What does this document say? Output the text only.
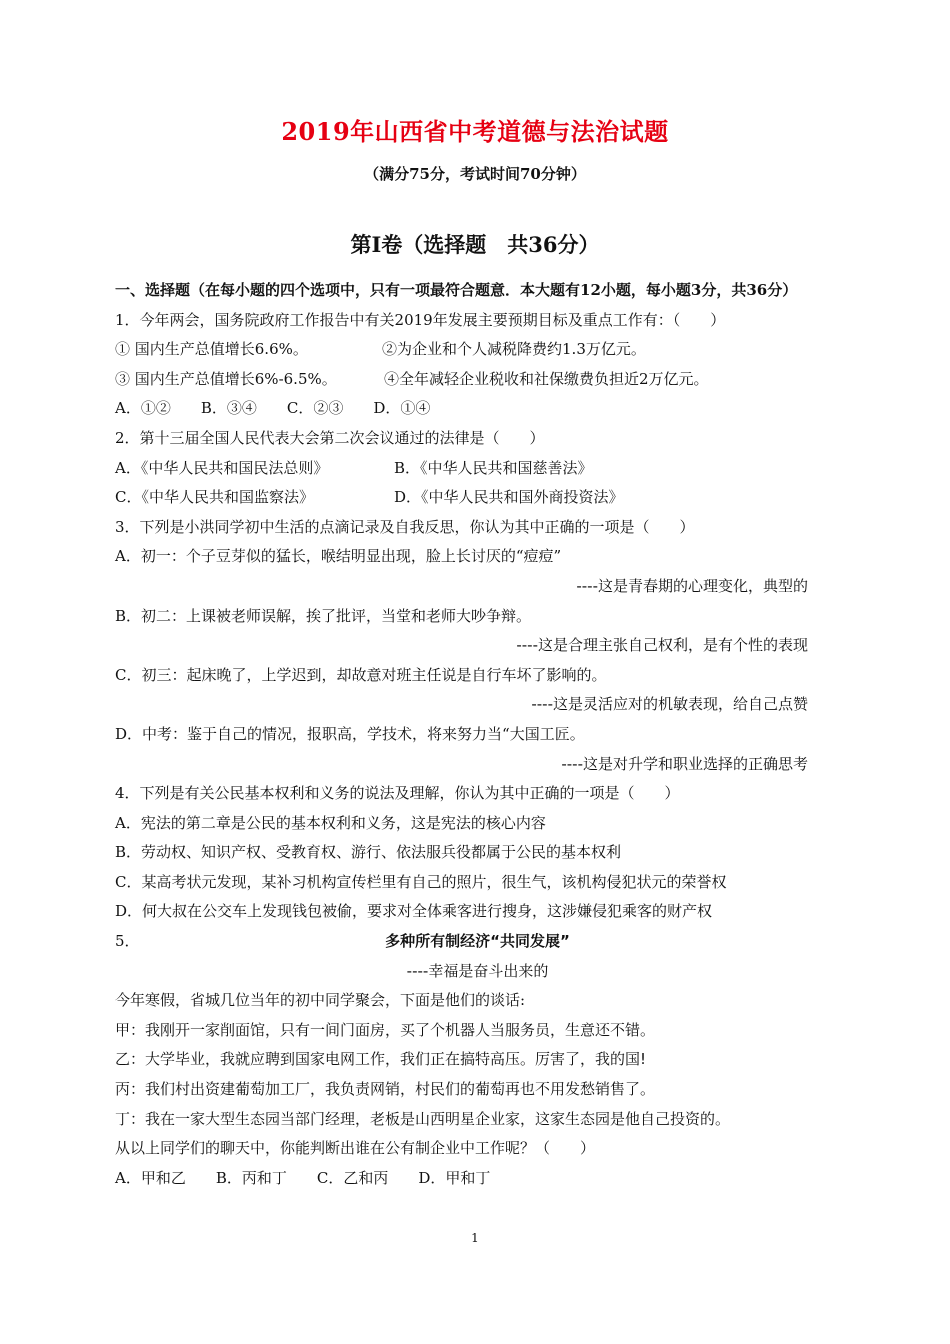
2019年山西省中考道德与法治试题
（满分75分，考试时间70分钟）
第Ⅰ卷（选择题　共36分）
一、选择题（在每小题的四个选项中，只有一项最符合题意．本大题有12小题，每小题3分，共36分）
1．今年两会，国务院政府工作报告中有关2019年发展主要预期目标及重点工作有：（　　）
① 国内生产总值增长6.6%。	②为企业和个人减税降费约1.3万亿元。
③ 国内生产总值增长6%-6.5%。	④全年减轻企业税收和社保缴费负担近2万亿元。
A．①②　　B．③④　　C．②③　　D．①④
2．第十三届全国人民代表大会第二次会议通过的法律是（　　）
A．《中华人民共和国民法总则》	B．《中华人民共和国慈善法》
C．《中华人民共和国监察法》	D．《中华人民共和国外商投资法》
3．下列是小洪同学初中生活的点滴记录及自我反思，你认为其中正确的一项是（　　）
A．初一：个子豆芽似的猛长，喉结明显出现，脸上长讨厌的“痘痘”
----这是青春期的心理变化，典型的
B．初二：上课被老师误解，挨了批评，当堂和老师大吵争辩。
----这是合理主张自己权利，是有个性的表现
C．初三：起床晚了，上学迟到，却故意对班主任说是自行车坏了影响的。
----这是灵活应对的机敏表现，给自己点赞
D．中考：鉴于自己的情况，报职高，学技术，将来努力当“大国工匠。
----这是对升学和职业选择的正确思考
4．下列是有关公民基本权利和义务的说法及理解，你认为其中正确的一项是（　　）
A．宪法的第二章是公民的基本权利和义务，这是宪法的核心内容
B．劳动权、知识产权、受教育权、游行、依法服兵役都属于公民的基本权利
C．某高考状元发现，某补习机构宣传栏里有自己的照片，很生气，该机构侵犯状元的荣誉权
D．何大叔在公交车上发现钱包被偷，要求对全体乘客进行搜身，这涉嫌侵犯乘客的财产权
5．	多种所有制经济“共同发展”
----幸福是奋斗出来的
今年寒假，省城几位当年的初中同学聚会，下面是他们的谈话:
甲：我刚开一家削面馆，只有一间门面房，买了个机器人当服务员，生意还不错。
乙：大学毕业，我就应聘到国家电网工作，我们正在搞特高压。厉害了，我的国!
丙：我们村出资建葡萄加工厂，我负责网销，村民们的葡萄再也不用发愁销售了。
丁：我在一家大型生态园当部门经理，老板是山西明星企业家，这家生态园是他自己投资的。
从以上同学们的聊天中，你能判断出谁在公有制企业中工作呢？（　　）
A．甲和乙　　B．丙和丁　　C．乙和丙　　D．甲和丁
1
